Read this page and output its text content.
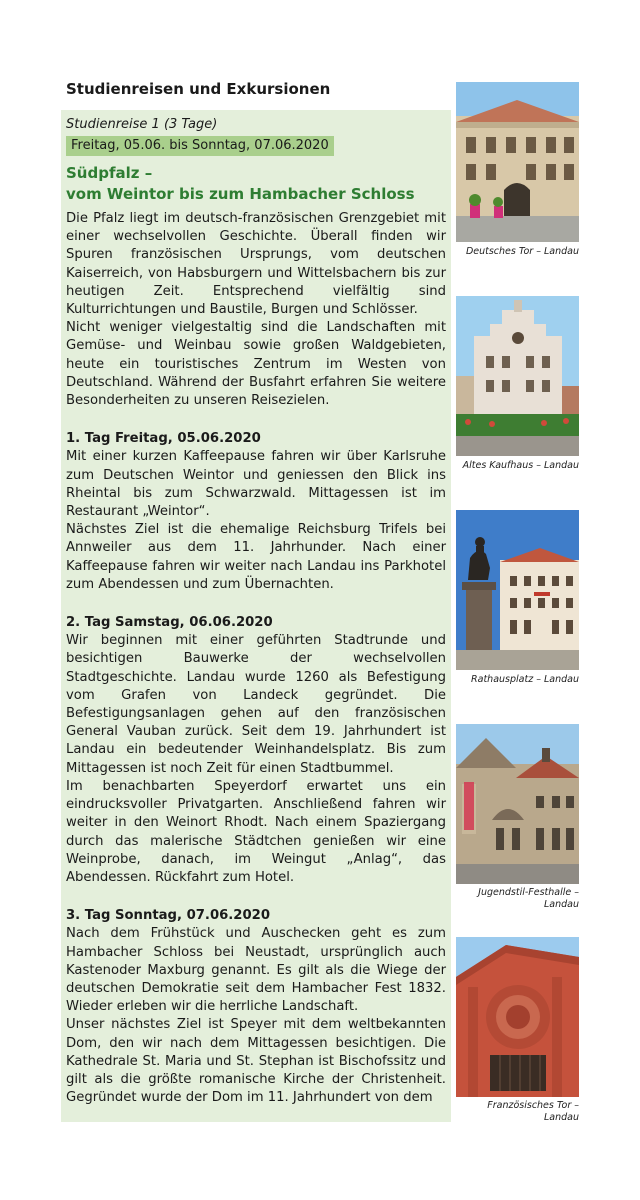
Studienreisen und Exkursionen
Studienreise 1 (3 Tage)
Freitag, 05.06. bis Sonntag, 07.06.2020
Südpfalz –
vom Weintor bis zum Hambacher Schloss

Die Pfalz liegt im deutsch-französischen Grenzgebiet mit einer wechselvollen Geschichte. Überall finden wir Spuren französischen Ursprungs, vom deutschen Kaiserreich, von Habsburgern und Wittelsbachern bis zur heutigen Zeit. Entsprechend vielfältig sind Kulturrichtungen und Baustile, Burgen und Schlösser.

Nicht weniger vielgestaltig sind die Landschaften mit Gemüse- und Weinbau sowie großen Waldgebieten, heute ein touristisches Zentrum im Westen von Deutschland. Während der Busfahrt erfahren Sie weitere Besonderheiten zu unseren Reisezielen.

1. Tag Freitag, 05.06.2020

Mit einer kurzen Kaffeepause fahren wir über Karlsruhe zum Deutschen Weintor und geniessen den Blick ins Rheintal bis zum Schwarzwald. Mittagessen ist im Restaurant „Weintor“.

Nächstes Ziel ist die ehemalige Reichsburg Trifels bei Annweiler aus dem 11. Jahrhunder. Nach einer Kaffeepause fahren wir weiter nach Landau ins Parkhotel zum Abendessen und zum Übernachten.

2. Tag Samstag, 06.06.2020

Wir beginnen mit einer geführten Stadtrunde und besichtigen Bauwerke der wechselvollen Stadtgeschichte. Landau wurde 1260 als Befestigung vom Grafen von Landeck gegründet. Die Befestigungsanlagen gehen auf den französischen General Vauban zurück. Seit dem 19. Jahrhundert ist Landau ein bedeutender Weinhandelsplatz. Bis zum Mittagessen ist noch Zeit für einen Stadtbummel.

Im benachbarten Speyerdorf erwartet uns ein eindrucksvoller Privatgarten. Anschließend fahren wir weiter in den Weinort Rhodt. Nach einem Spaziergang durch das malerische Städtchen genießen wir eine Weinprobe, danach, im Weingut „Anlag“, das Abendessen. Rückfahrt zum Hotel.

3. Tag Sonntag, 07.06.2020

Nach dem Frühstück und Auschecken geht es zum Hambacher Schloss bei Neustadt, ursprünglich auch Kastenoder Maxburg genannt. Es gilt als die Wiege der deutschen Demokratie seit dem Hambacher Fest 1832. Wieder erleben wir die herrliche Landschaft.

Unser nächstes Ziel ist Speyer mit dem weltbekannten Dom, den wir nach dem Mittagessen besichtigen. Die Kathedrale St. Maria und St. Stephan ist Bischofssitz und gilt als die größte romanische Kirche der Christenheit. Gegründet wurde der Dom im 11. Jahrhundert von dem

Deutsches Tor – Landau
Altes Kaufhaus – Landau
Rathausplatz – Landau
Jugendstil-Festhalle – Landau
Französisches Tor – Landau
